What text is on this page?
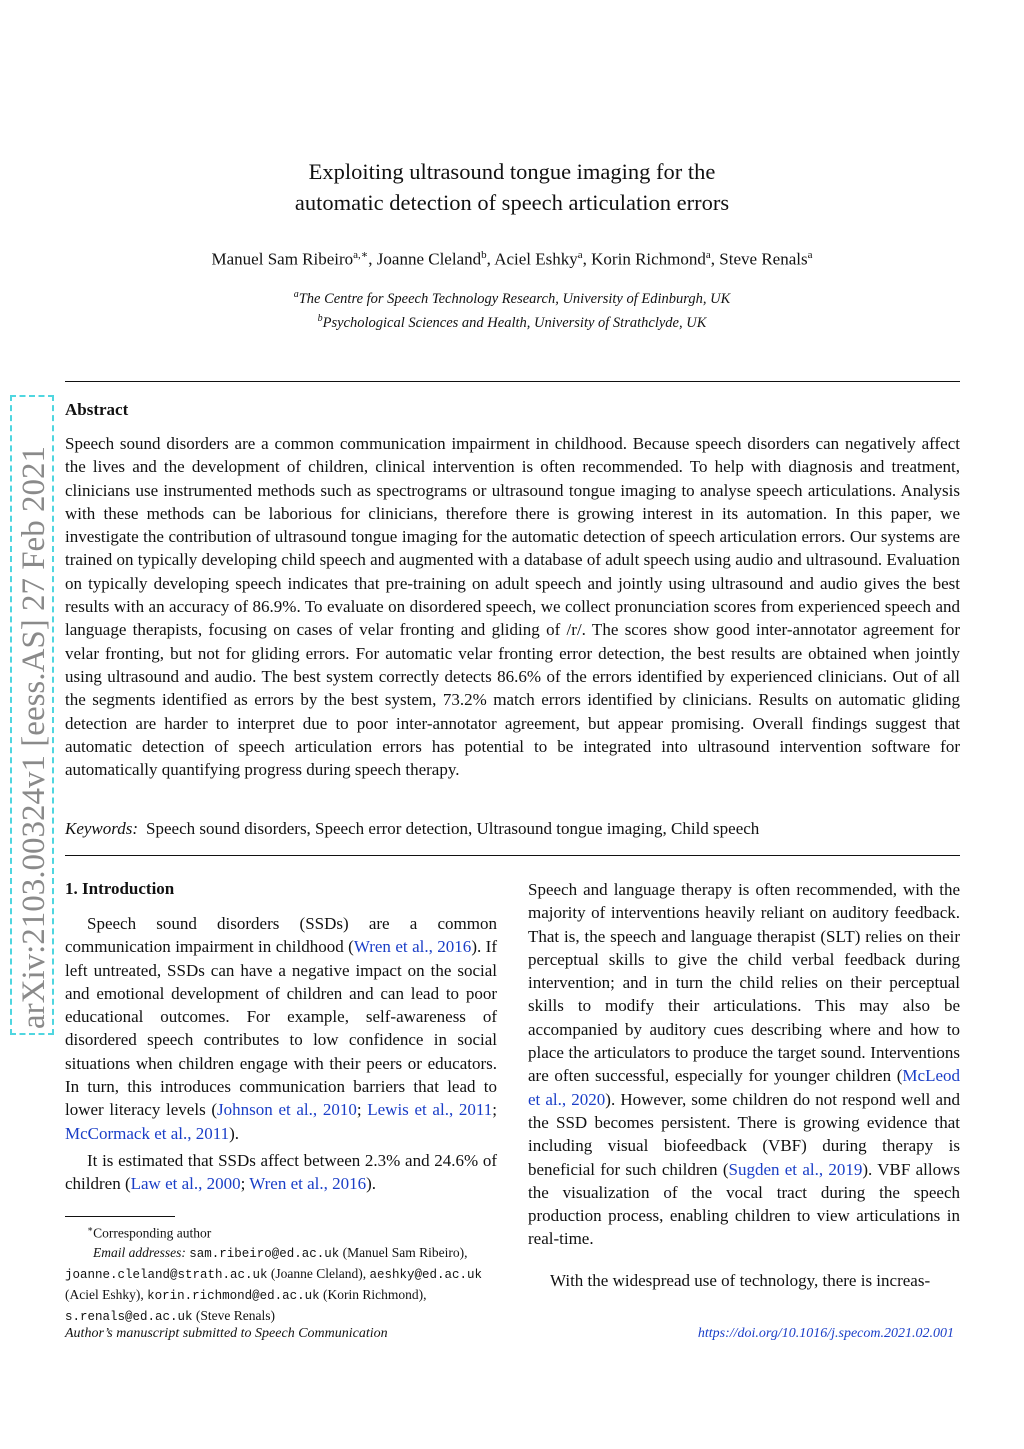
arXiv:2103.00324v1 [eess.AS] 27 Feb 2021
Exploiting ultrasound tongue imaging for the
automatic detection of speech articulation errors
Manuel Sam Ribeiro$^{a,∗}$, Joanne Cleland$^b$, Aciel Eshky$^a$, Korin Richmond$^a$, Steve Renals$^a$
$^a$The Centre for Speech Technology Research, University of Edinburgh, UK
$^b$Psychological Sciences and Health, University of Strathclyde, UK
Abstract
Speech sound disorders are a common communication impairment in childhood. Because speech disorders can negatively affect the lives and the development of children, clinical intervention is often recommended. To help with diagnosis and treatment, clinicians use instrumented methods such as spectrograms or ultrasound tongue imaging to analyse speech articulations. Analysis with these methods can be laborious for clinicians, therefore there is growing interest in its automation. In this paper, we investigate the contribution of ultrasound tongue imaging for the automatic detection of speech articulation errors. Our systems are trained on typically developing child speech and augmented with a database of adult speech using audio and ultrasound. Evaluation on typically developing speech indicates that pre-training on adult speech and jointly using ultrasound and audio gives the best results with an accuracy of 86.9%. To evaluate on disordered speech, we collect pronunciation scores from experienced speech and language therapists, focusing on cases of velar fronting and gliding of /r/. The scores show good inter-annotator agreement for velar fronting, but not for gliding errors. For automatic velar fronting error detection, the best results are obtained when jointly using ultrasound and audio. The best system correctly detects 86.6% of the errors identified by experienced clinicians. Out of all the segments identified as errors by the best system, 73.2% match errors identified by clinicians. Results on automatic gliding detection are harder to interpret due to poor inter-annotator agreement, but appear promising. Overall findings suggest that automatic detection of speech articulation errors has potential to be integrated into ultrasound intervention software for automatically quantifying progress during speech therapy.
Keywords: Speech sound disorders, Speech error detection, Ultrasound tongue imaging, Child speech
1. Introduction

Speech sound disorders (SSDs) are a common communication impairment in childhood (Wren et al., 2016). If left untreated, SSDs can have a negative impact on the social and emotional development of children and can lead to poor educational outcomes. For example, self-awareness of disordered speech contributes to low confidence in social situations when children engage with their peers or educators. In turn, this introduces communication barriers that lead to lower literacy levels (Johnson et al., 2010; Lewis et al., 2011; McCormack et al., 2011).

It is estimated that SSDs affect between 2.3% and 24.6% of children (Law et al., 2000; Wren et al., 2016).

Speech and language therapy is often recommended, with the majority of interventions heavily reliant on auditory feedback. That is, the speech and language therapist (SLT) relies on their perceptual skills to give the child verbal feedback during intervention; and in turn the child relies on their perceptual skills to modify their articulations. This may also be accompanied by auditory cues describing where and how to place the articulators to produce the target sound. Interventions are often successful, especially for younger children (McLeod et al., 2020). However, some children do not respond well and the SSD becomes persistent. There is growing evidence that including visual biofeedback (VBF) during therapy is beneficial for such children (Sugden et al., 2019). VBF allows the visualization of the vocal tract during the speech production process, enabling children to view articulations in real-time.

With the widespread use of technology, there is increas-

∗Corresponding author
Email addresses: sam.ribeiro@ed.ac.uk (Manuel Sam Ribeiro), joanne.cleland@strath.ac.uk (Joanne Cleland), aeshky@ed.ac.uk (Aciel Eshky), korin.richmond@ed.ac.uk (Korin Richmond), s.renals@ed.ac.uk (Steve Renals)
Author’s manuscript submitted to Speech Communication	https://doi.org/10.1016/j.specom.2021.02.001
